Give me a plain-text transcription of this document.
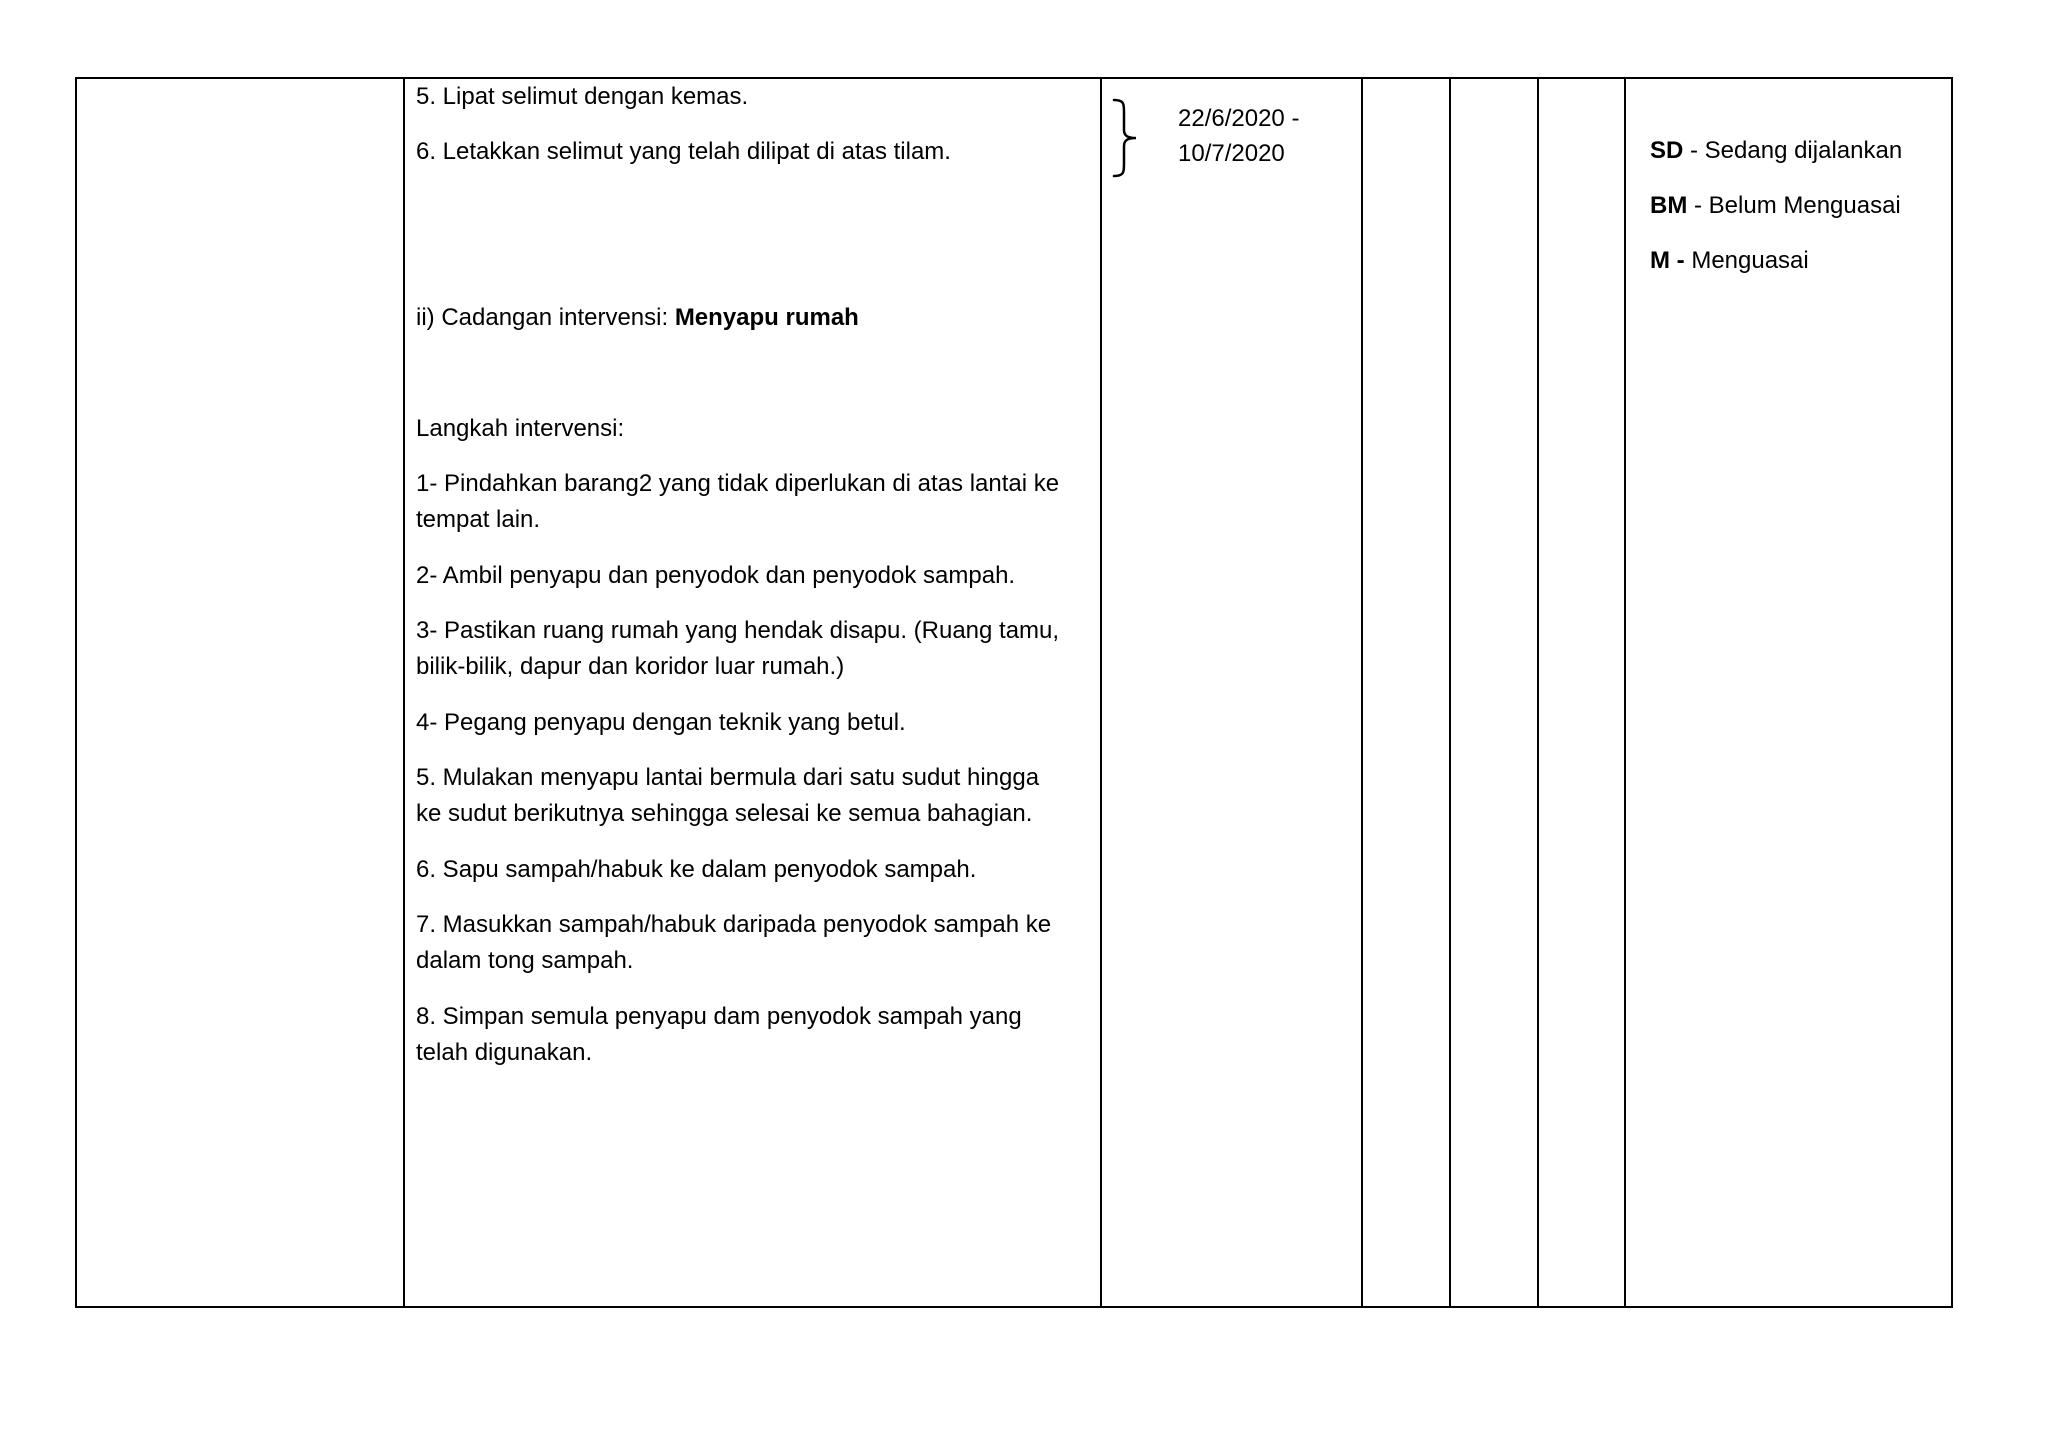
5. Lipat selimut dengan kemas.
6. Letakkan selimut yang telah dilipat di atas tilam.
ii) Cadangan intervensi: Menyapu rumah
Langkah intervensi:
1- Pindahkan barang2 yang tidak diperlukan di atas lantai ke
tempat lain.
2- Ambil penyapu dan penyodok dan penyodok sampah.
3- Pastikan ruang rumah yang hendak disapu. (Ruang tamu,
bilik-bilik, dapur dan koridor luar rumah.)
4- Pegang penyapu dengan teknik yang betul.
5. Mulakan menyapu lantai bermula dari satu sudut hingga
ke sudut berikutnya sehingga selesai ke semua bahagian.
6. Sapu sampah/habuk ke dalam penyodok sampah.
7. Masukkan sampah/habuk daripada penyodok sampah ke
dalam tong sampah.
8. Simpan semula penyapu dam penyodok sampah yang
telah digunakan.
22/6/2020 -
10/7/2020	SD - Sedang dijalankan
BM - Belum Menguasai
M - Menguasai
